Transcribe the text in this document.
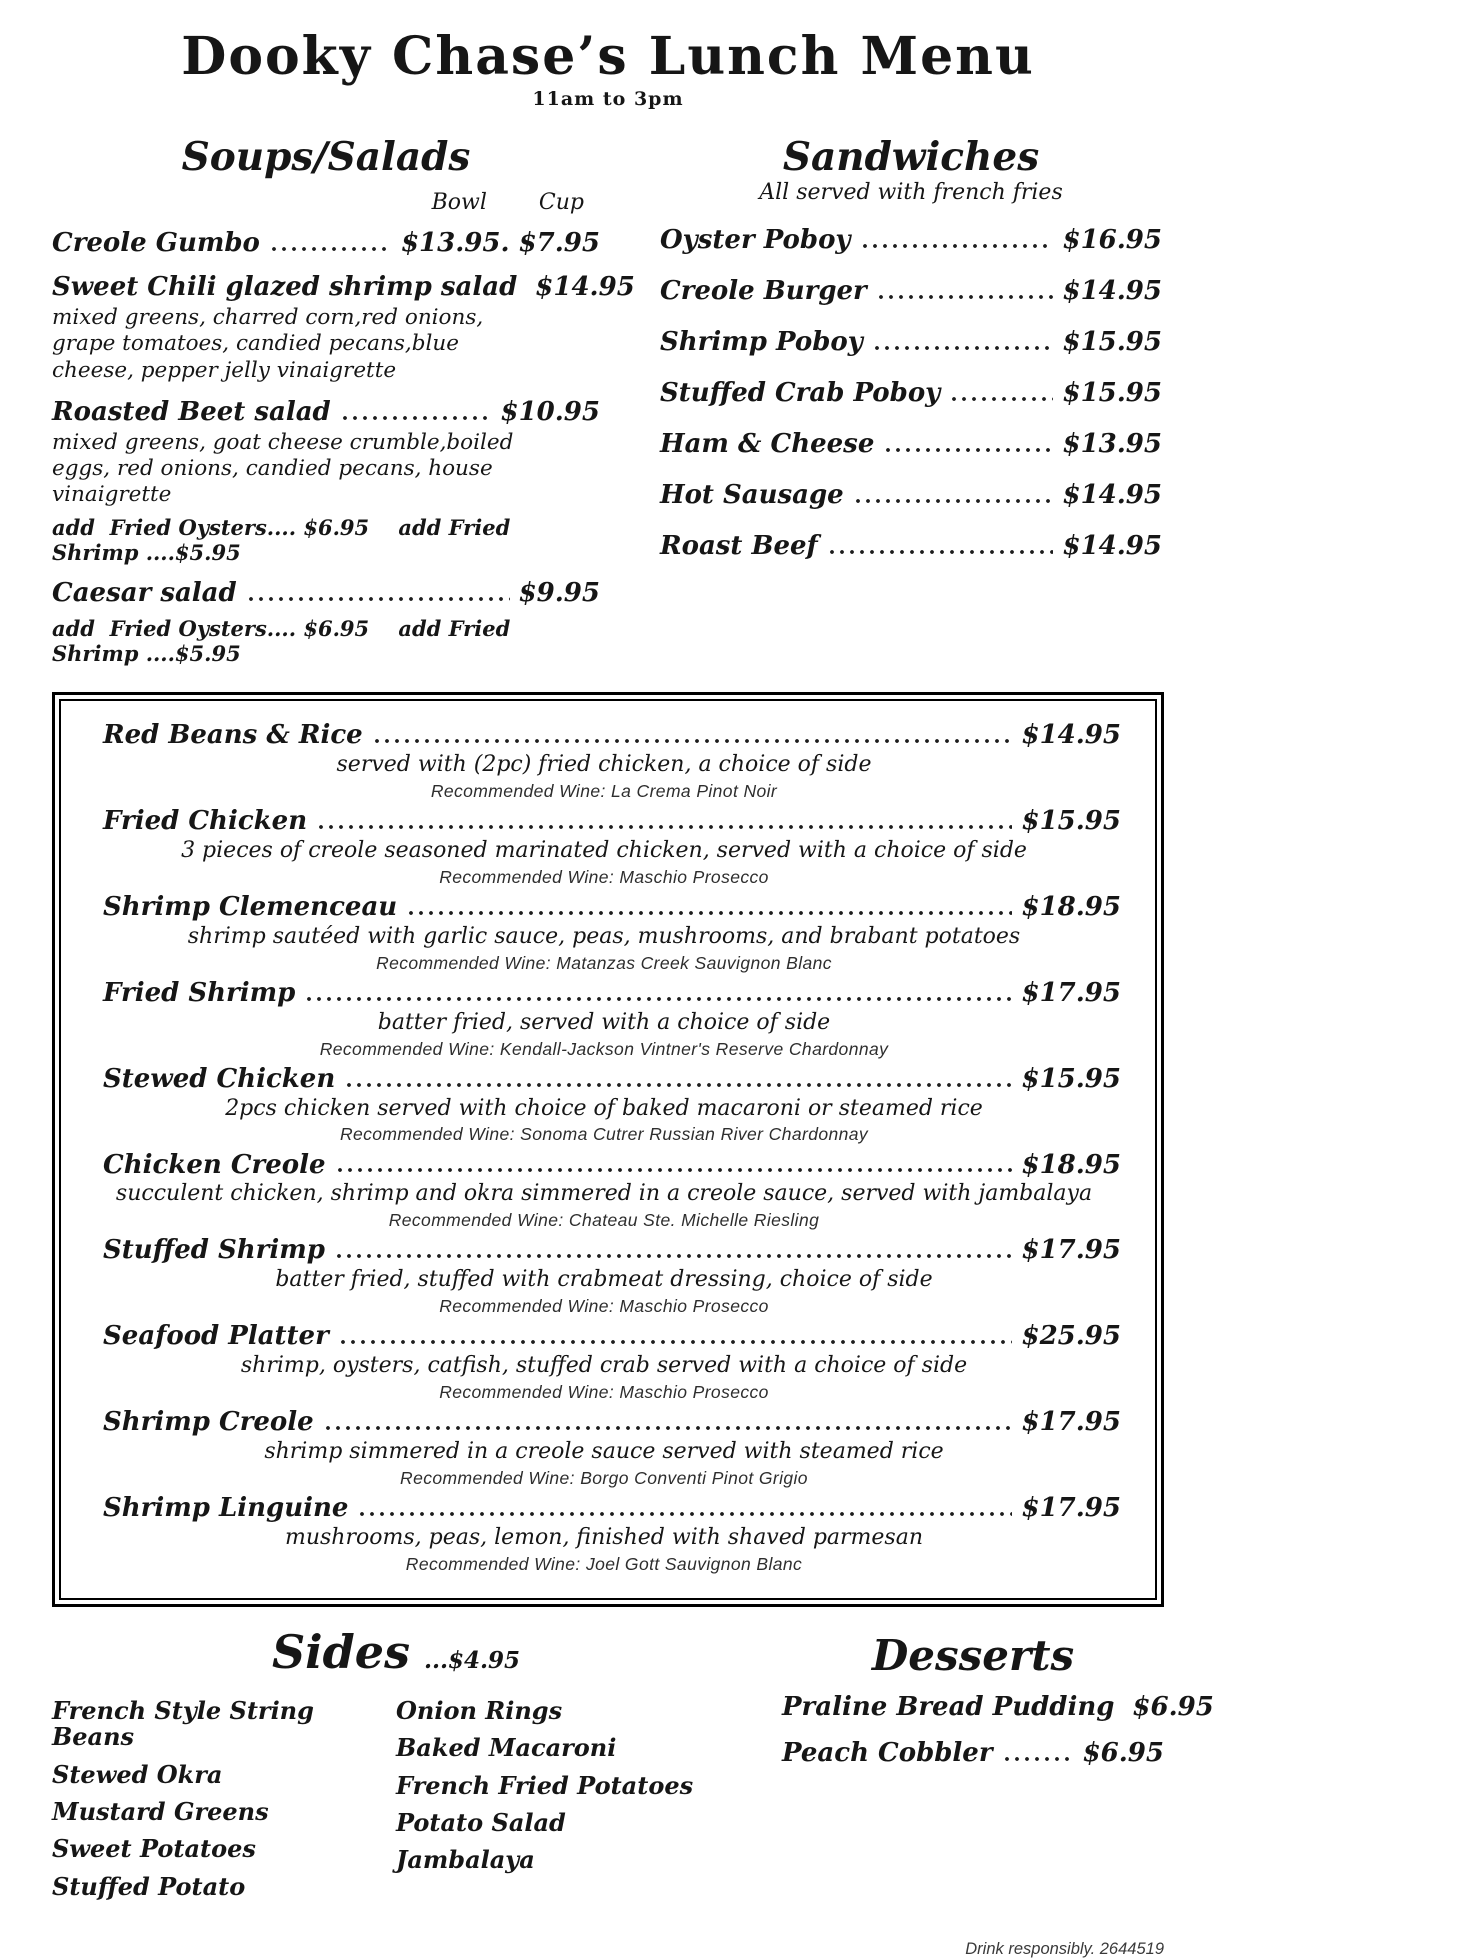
Dooky Chase’s Lunch Menu
11am to 3pm
Soups/Salads
Bowl Cup
Creole Gumbo	$13.95 . $7.95
Sweet Chili glazed shrimp salad $14.95
mixed greens, charred corn,red onions, grape tomatoes, candied pecans,blue cheese, pepper jelly vinaigrette
Roasted Beet salad	$10.95
mixed greens, goat cheese crumble,boiled eggs, red onions, candied pecans, house vinaigrette
add  Fried Oysters.... $6.95    add Fried Shrimp ....$5.95
Caesar salad	$9.95
add  Fried Oysters.... $6.95    add Fried Shrimp ....$5.95
Sandwiches
All served with french fries
Oyster Poboy	$16.95
Creole Burger	$14.95
Shrimp Poboy	$15.95
Stuffed Crab Poboy	$15.95
Ham & Cheese	$13.95
Hot Sausage	$14.95
Roast Beef	$14.95
Red Beans & Rice	$14.95
served with (2pc) fried chicken, a choice of side
Recommended Wine: La Crema Pinot Noir
Fried Chicken	$15.95
3 pieces of creole seasoned marinated chicken, served with a choice of side
Recommended Wine: Maschio Prosecco
Shrimp Clemenceau	$18.95
shrimp sautéed with garlic sauce, peas, mushrooms, and brabant potatoes
Recommended Wine: Matanzas Creek Sauvignon Blanc
Fried Shrimp	$17.95
batter fried, served with a choice of side
Recommended Wine: Kendall-Jackson Vintner's Reserve Chardonnay
Stewed Chicken	$15.95
2pcs chicken served with choice of baked macaroni or steamed rice
Recommended Wine: Sonoma Cutrer Russian River Chardonnay
Chicken Creole	$18.95
succulent chicken, shrimp and okra simmered in a creole sauce, served with jambalaya
Recommended Wine: Chateau Ste. Michelle Riesling
Stuffed Shrimp	$17.95
batter fried, stuffed with crabmeat dressing, choice of side
Recommended Wine: Maschio Prosecco
Seafood Platter	$25.95
shrimp, oysters, catfish, stuffed crab served with a choice of side
Recommended Wine: Maschio Prosecco
Shrimp Creole	$17.95
shrimp simmered in a creole sauce served with steamed rice
Recommended Wine: Borgo Conventi Pinot Grigio
Shrimp Linguine	$17.95
mushrooms, peas, lemon, finished with shaved parmesan
Recommended Wine: Joel Gott Sauvignon Blanc
Sides ...$4.95
French Style String Beans
Stewed Okra
Mustard Greens
Sweet Potatoes
Stuffed Potato
Onion Rings
Baked Macaroni
French Fried Potatoes
Potato Salad
Jambalaya
Desserts
Praline Bread Pudding $6.95
Peach Cobbler	$6.95
Drink responsibly. 2644519
